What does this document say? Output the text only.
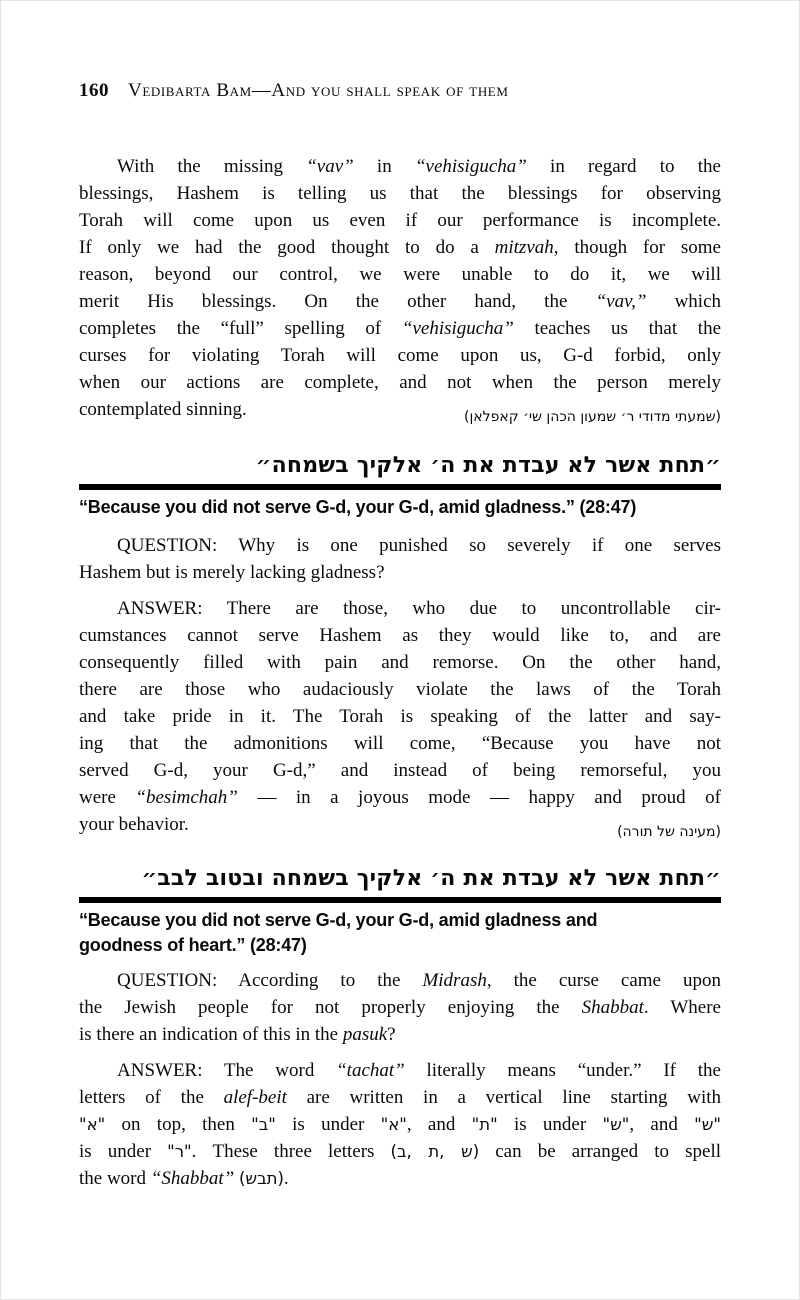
160 Vedibarta Bam—And you shall speak of them
With the missing “vav” in “vehisigucha” in regard to the
blessings, Hashem is telling us that the blessings for observing
Torah will come upon us even if our performance is incomplete.
If only we had the good thought to do a mitzvah, though for some
reason, beyond our control, we were unable to do it, we will
merit His blessings. On the other hand, the “vav,” which
completes the “full” spelling of “vehisigucha” teaches us that the
curses for violating Torah will come upon us, G-d forbid, only
when our actions are complete, and not when the person merely
contemplated sinning.	(שמעתי מדודי ר׳ שמעון הכהן שי׳ קאפלאן)
״תחת אשר לא עבדת את ה׳ אלקיך בשמחה״
“Because you did not serve G-d, your G-d, amid gladness.” (28:47)
QUESTION: Why is one punished so severely if one serves
Hashem but is merely lacking gladness?
ANSWER: There are those, who due to uncontrollable cir-
cumstances cannot serve Hashem as they would like to, and are
consequently filled with pain and remorse. On the other hand,
there are those who audaciously violate the laws of the Torah
and take pride in it. The Torah is speaking of the latter and say-
ing that the admonitions will come, “Because you have not
served G-d, your G-d,” and instead of being remorseful, you
were “besimchah” — in a joyous mode — happy and proud of
your behavior.	(מעינה של תורה)
״תחת אשר לא עבדת את ה׳ אלקיך בשמחה ובטוב לבב״
“Because you did not serve G-d, your G-d, amid gladness and
goodness of heart.” (28:47)
QUESTION: According to the Midrash, the curse came upon
the Jewish people for not properly enjoying the Shabbat. Where
is there an indication of this in the pasuk?
ANSWER: The word “tachat” literally means “under.” If the
letters of the alef-beit are written in a vertical line starting with
"א" on top, then "ב" is under "א", and "ת" is under "ש", and "ש"
is under "ר". These three letters (ב, ת, ש) can be arranged to spell
the word “Shabbat” (שבת).
